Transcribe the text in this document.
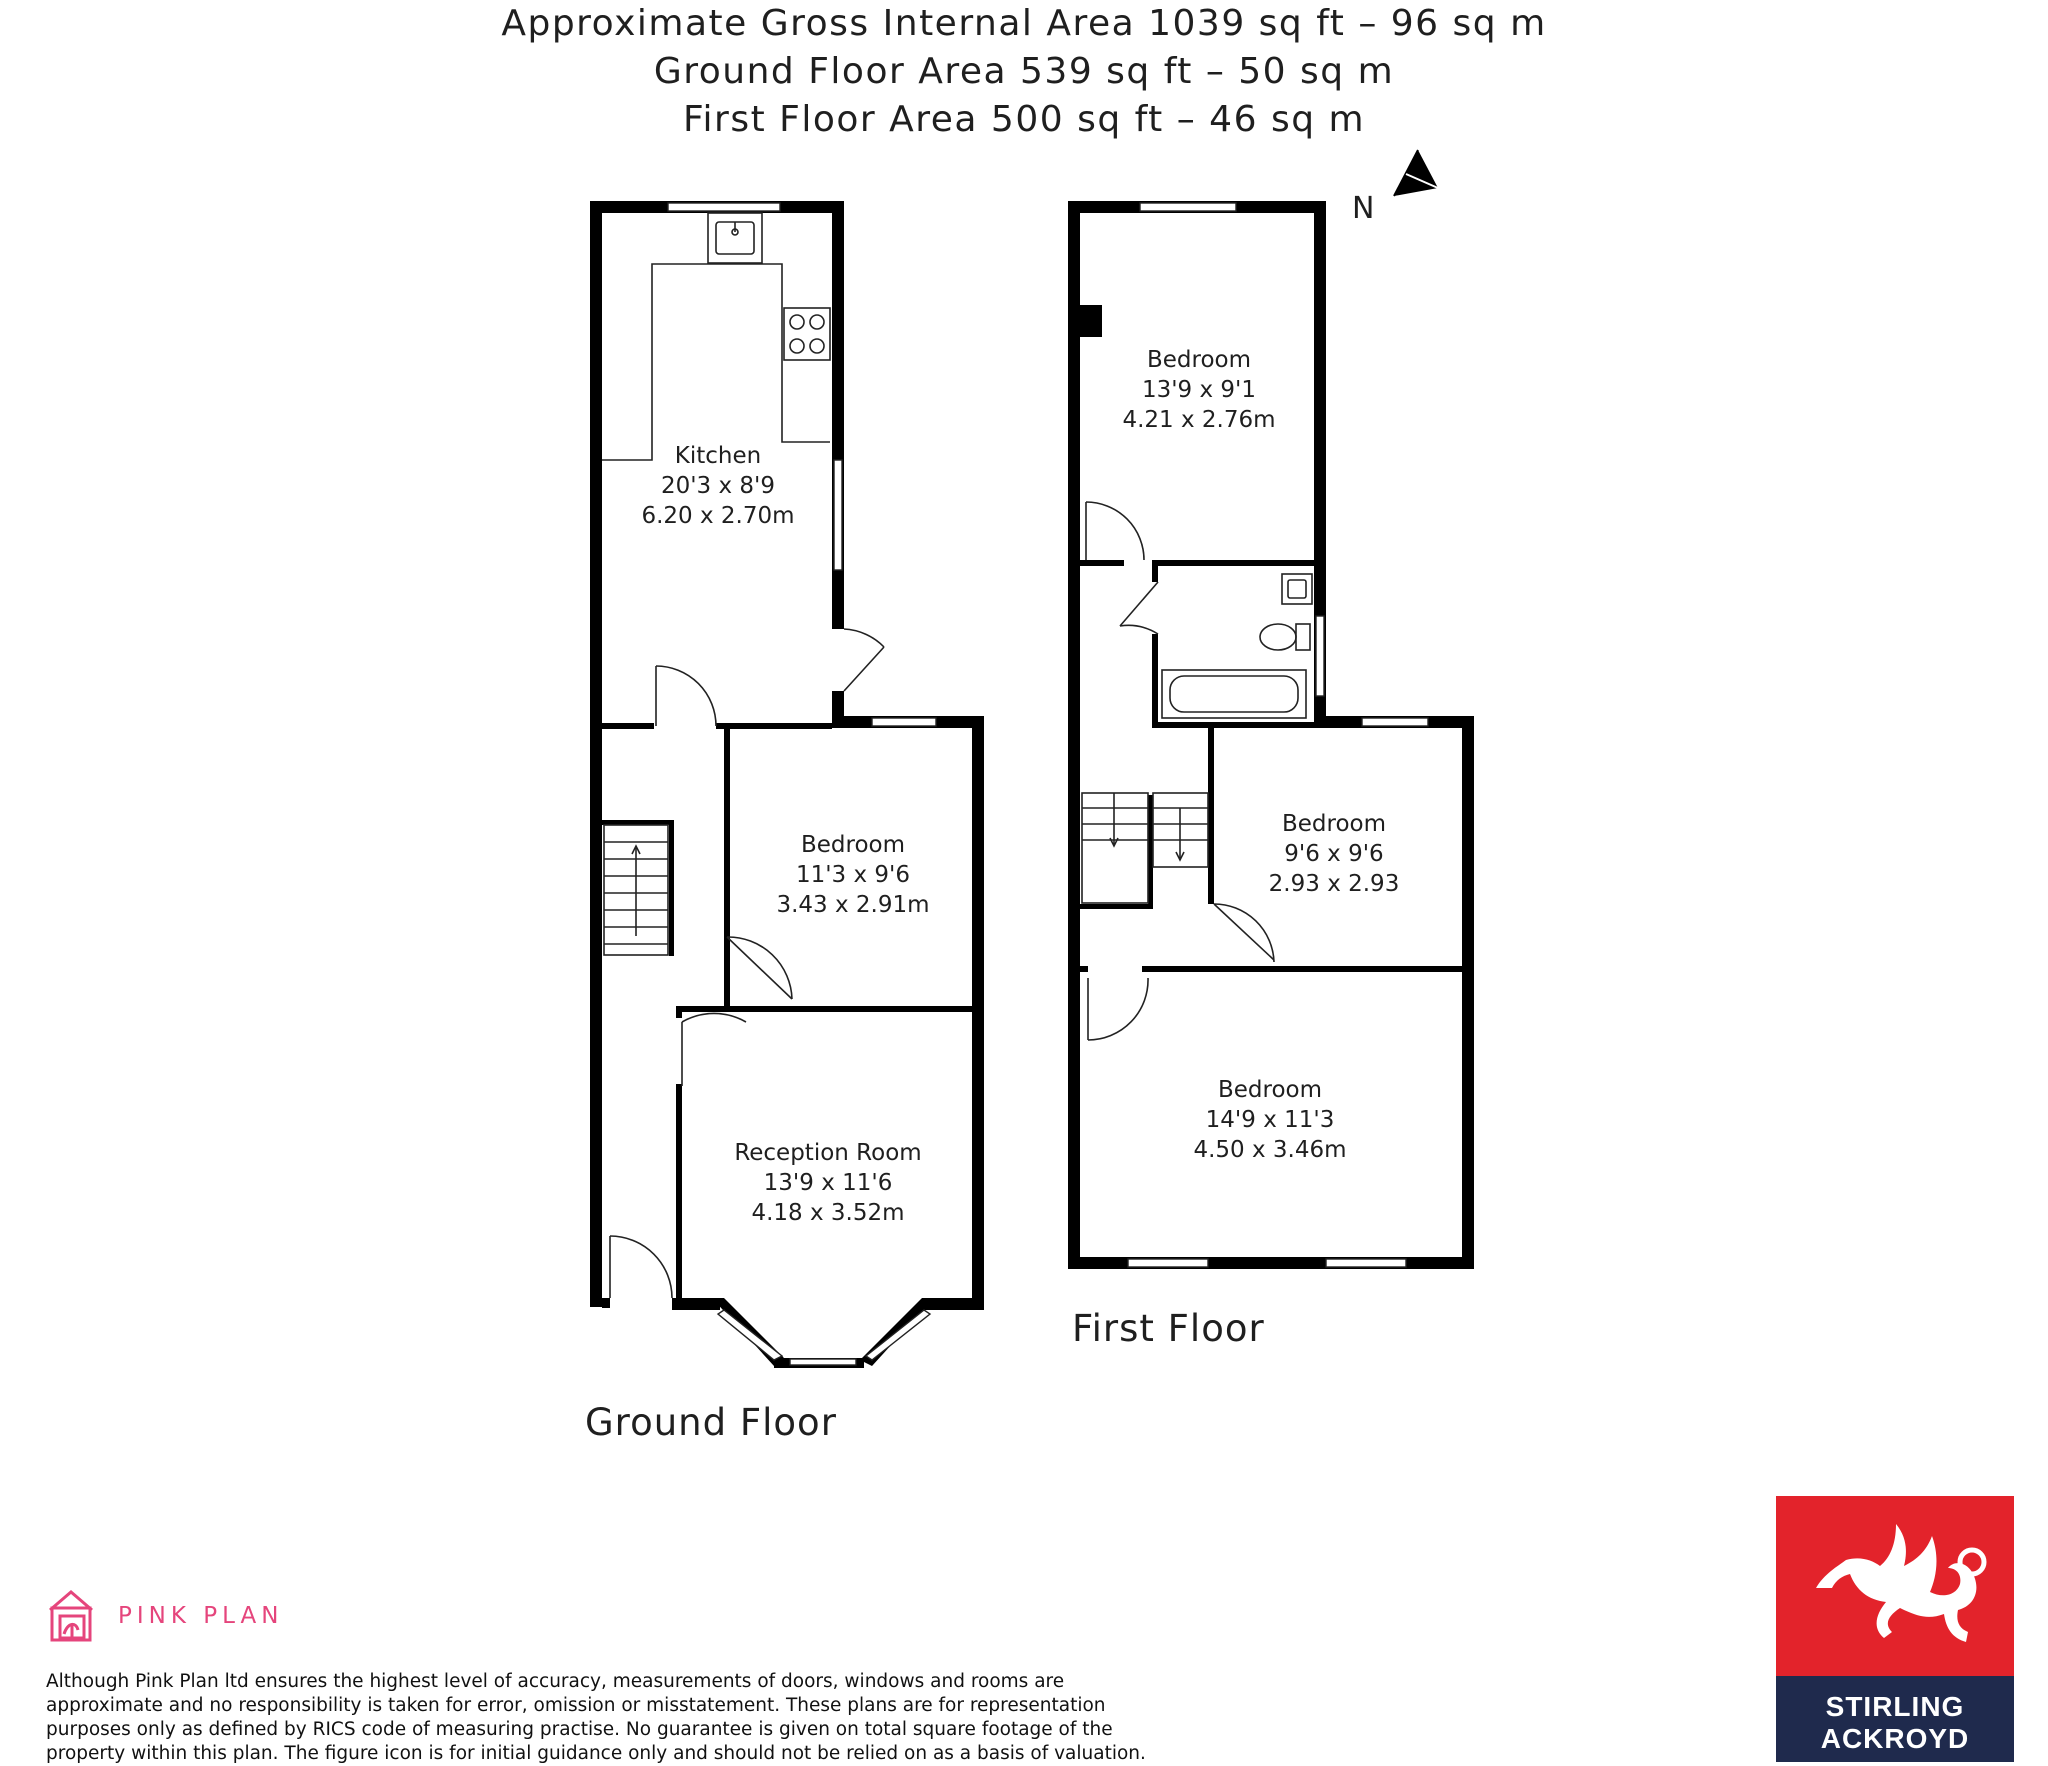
Approximate Gross Internal Area 1039 sq ft – 96 sq m
Ground Floor Area 539 sq ft – 50 sq m
First Floor Area 500 sq ft – 46 sq m
N
Kitchen
20'3 x 8'9
6.20 x 2.70m
Bedroom
11'3 x 9'6
3.43 x 2.91m
Reception Room
13'9 x 11'6
4.18 x 3.52m
Bedroom
13'9 x 9'1
4.21 x 2.76m
Bedroom
9'6 x 9'6
2.93 x 2.93
Bedroom
14'9 x 11'3
4.50 x 3.46m
Ground Floor
First Floor
PINK PLAN
Although Pink Plan ltd ensures the highest level of accuracy, measurements of doors, windows and rooms are approximate and no responsibility is taken for error, omission or misstatement. These plans are for representation purposes only as defined by RICS code of measuring practise. No guarantee is given on total square footage of the property within this plan. The figure icon is for initial guidance only and should not be relied on as a basis of valuation.
STIRLING
ACKROYD
